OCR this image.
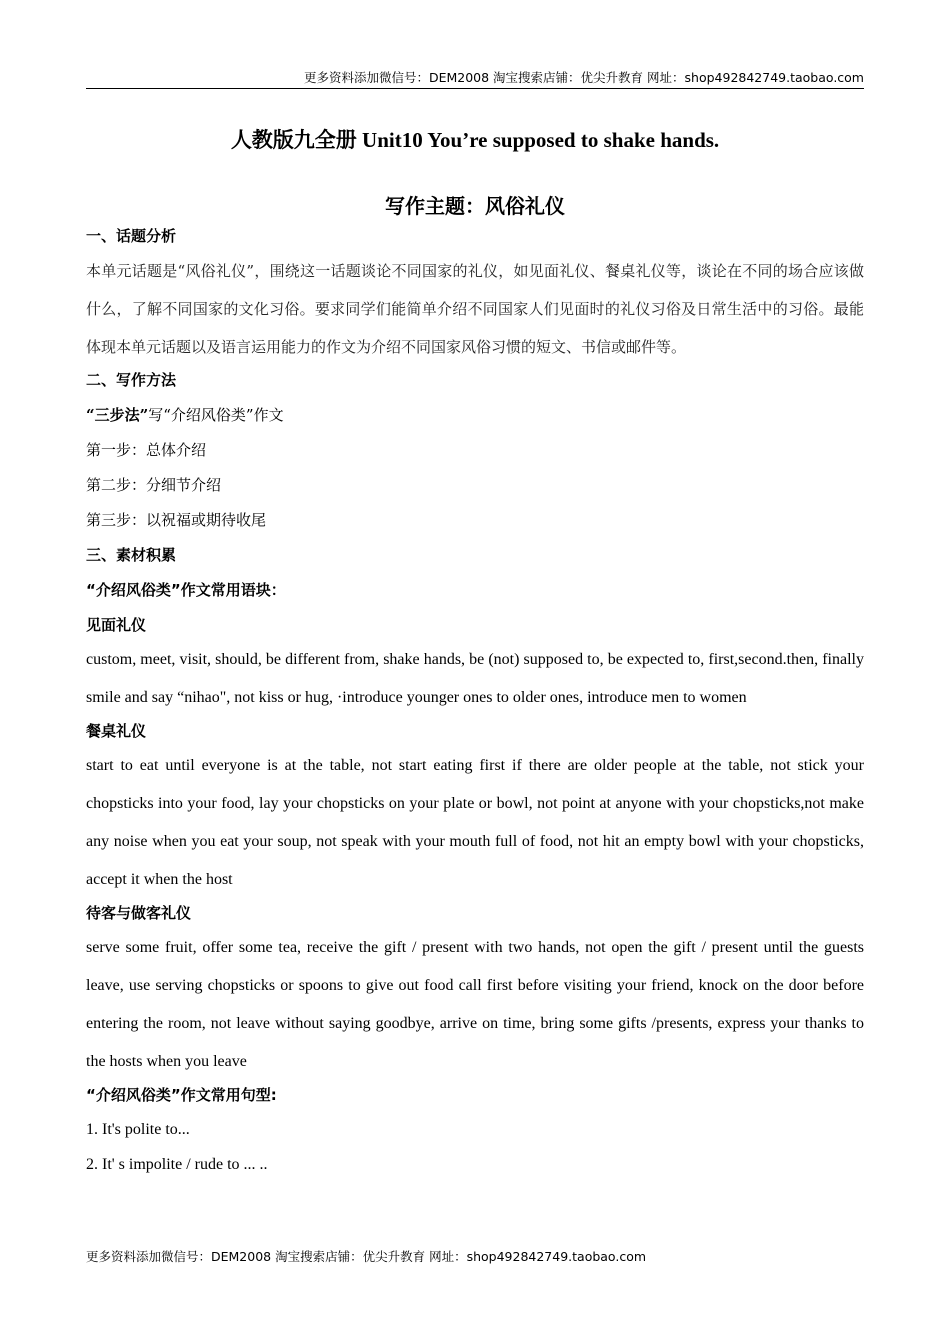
更多资料添加微信号：DEM2008 淘宝搜索店铺：优尖升教育 网址：shop492842749.taobao.com
人教版九全册 Unit10 You’re supposed to shake hands.
写作主题：风俗礼仪
一、话题分析
本单元话题是“风俗礼仪”，围绕这一话题谈论不同国家的礼仪，如见面礼仪、餐桌礼仪等，谈论在不同的场合应该做什么，了解不同国家的文化习俗。要求同学们能简单介绍不同国家人们见面时的礼仪习俗及日常生活中的习俗。最能体现本单元话题以及语言运用能力的作文为介绍不同国家风俗习惯的短文、书信或邮件等。
二、写作方法
“三步法”写“介绍风俗类”作文
第一步：总体介绍
第二步：分细节介绍
第三步：以祝福或期待收尾
三、素材积累
“介绍风俗类”作文常用语块：
见面礼仪
custom, meet, visit, should, be different from, shake hands, be (not) supposed to, be expected to, first,second.then, finally smile and say “nihao", not kiss or hug, ·introduce younger ones to older ones, introduce men to women
餐桌礼仪
start to eat until everyone is at the table, not start eating first if there are older people at the table, not stick your chopsticks into your food, lay your chopsticks on your plate or bowl, not point at anyone with your chopsticks,not make any noise when you eat your soup, not speak with your mouth full of food, not hit an empty bowl with your chopsticks, accept it when the host
待客与做客礼仪
serve some fruit, offer some tea, receive the gift / present with two hands, not open the gift / present until the guests leave, use serving chopsticks or spoons to give out food call first before visiting your friend, knock on the door before entering the room, not leave without saying goodbye, arrive on time, bring some gifts /presents, express your thanks to the hosts when you leave
“介绍风俗类”作文常用句型:
1. It's polite to...
2. It' s impolite / rude to ... ..
更多资料添加微信号：DEM2008 淘宝搜索店铺：优尖升教育 网址：shop492842749.taobao.com
